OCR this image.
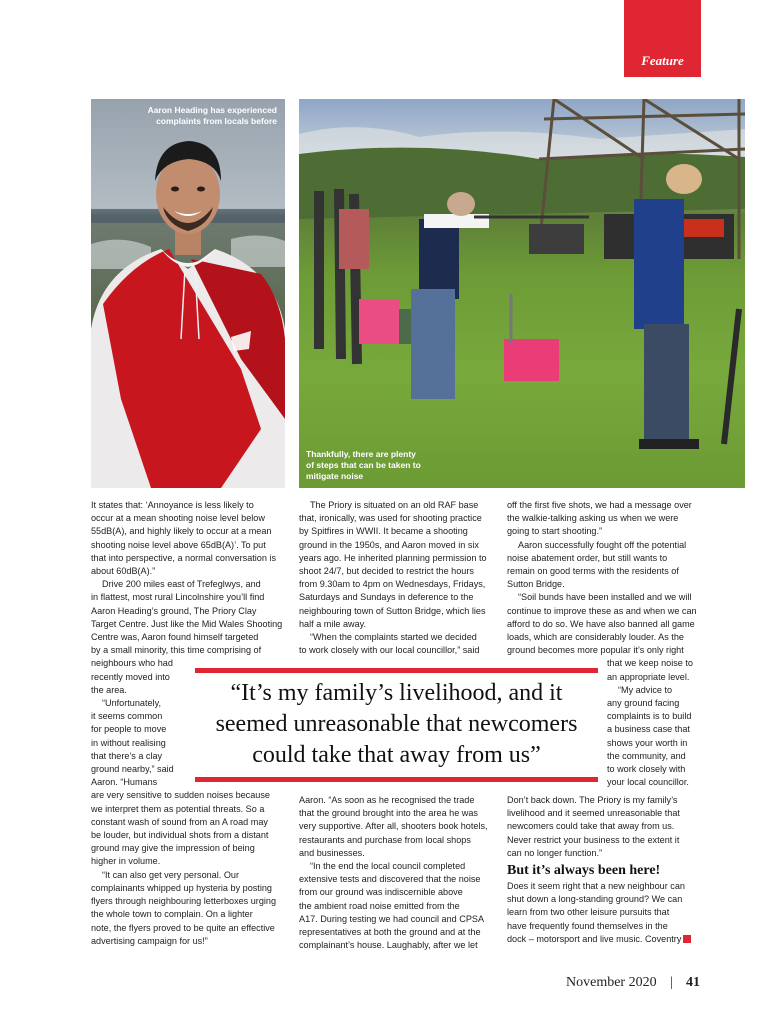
Feature
Aaron Heading has experienced
complaints from locals before
Thankfully, there are plenty
of steps that can be taken to
mitigate noise

It states that: ‘Annoyance is less likely to

occur at a mean shooting noise level below

55dB(A), and highly likely to occur at a mean

shooting noise level above 65dB(A)’. To put

that into perspective, a normal conversation is

about 60dB(A).”

Drive 200 miles east of Trefeglwys, and

in flattest, most rural Lincolnshire you’ll find

Aaron Heading’s ground, The Priory Clay

Target Centre. Just like the Mid Wales Shooting

Centre was, Aaron found himself targeted

by a small minority, this time comprising of

neighbours who had

recently moved into

the area.

“Unfortunately,

it seems common

for people to move

in without realising

that there’s a clay

ground nearby,” said

Aaron. “Humans

are very sensitive to sudden noises because

we interpret them as potential threats. So a

constant wash of sound from an A road may

be louder, but individual shots from a distant

ground may give the impression of being

higher in volume.

“It can also get very personal. Our

complainants whipped up hysteria by posting

flyers through neighbouring letterboxes urging

the whole town to complain. On a lighter

note, the flyers proved to be quite an effective

advertising campaign for us!”

The Priory is situated on an old RAF base

that, ironically, was used for shooting practice

by Spitfires in WWII. It became a shooting

ground in the 1950s, and Aaron moved in six

years ago. He inherited planning permission to

shoot 24/7, but decided to restrict the hours

from 9.30am to 4pm on Wednesdays, Fridays,

Saturdays and Sundays in deference to the

neighbouring town of Sutton Bridge, which lies

half a mile away.

“When the complaints started we decided

to work closely with our local councillor,” said

Aaron. “As soon as he recognised the trade

that the ground brought into the area he was

very supportive. After all, shooters book hotels,

restaurants and purchase from local shops

and businesses.

“In the end the local council completed

extensive tests and discovered that the noise

from our ground was indiscernible above

the ambient road noise emitted from the

A17. During testing we had council and CPSA

representatives at both the ground and at the

complainant’s house. Laughably, after we let

off the first five shots, we had a message over

the walkie-talking asking us when we were

going to start shooting.”

Aaron successfully fought off the potential

noise abatement order, but still wants to

remain on good terms with the residents of

Sutton Bridge.

“Soil bunds have been installed and we will

continue to improve these as and when we can

afford to do so. We have also banned all game

loads, which are considerably louder. As the

ground becomes more popular it’s only right

that we keep noise to

an appropriate level.

“My advice to

any ground facing

complaints is to build

a business case that

shows your worth in

the community, and

to work closely with

your local councillor.

Don’t back down. The Priory is my family’s

livelihood and it seemed unreasonable that

newcomers could take that away from us.

Never restrict your business to the extent it

can no longer function.”

But it’s always been here!

Does it seem right that a new neighbour can

shut down a long-standing ground? We can

learn from two other leisure pursuits that

have frequently found themselves in the

dock – motorsport and live music. Coventry

“It’s my family’s livelihood, and it
seemed unreasonable that newcomers
could take that away from us”
November 2020 | 41
